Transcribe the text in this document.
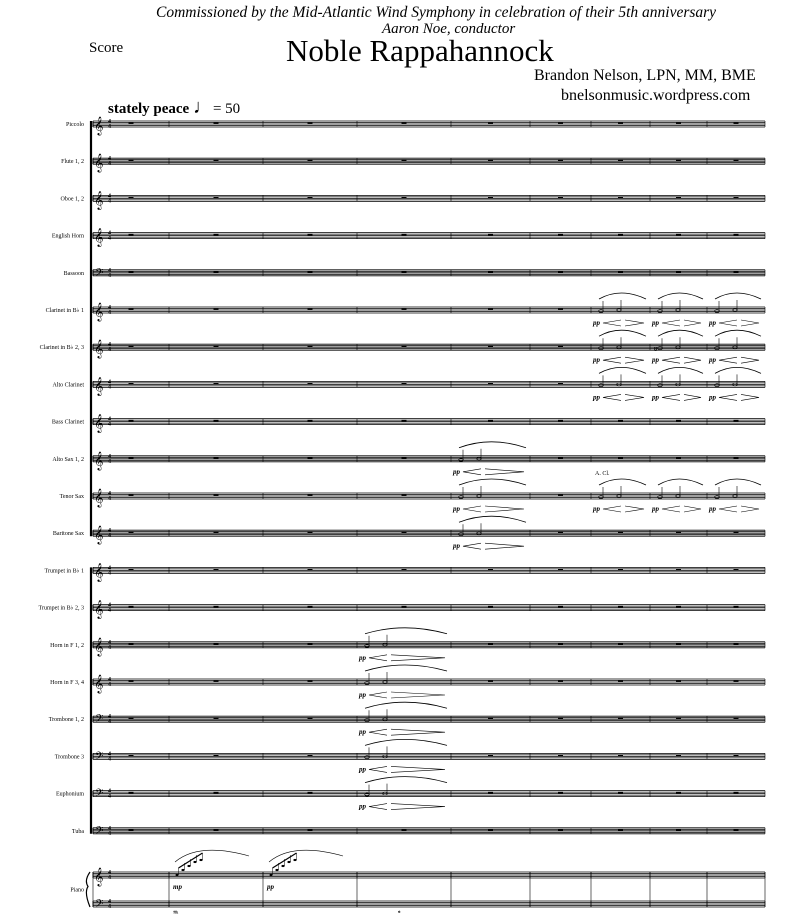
Commissioned by the Mid-Atlantic Wind Symphony in celebration of their 5th anniversary
Aaron Noe, conductor
Score	Noble Rappahannock
Brandon Nelson, LPN, MM, BME
bnelsonmusic.wordpress.com
stately peace ♩= 50
Piccolo 𝄞 4
4
Flute 1, 2 𝄞 4
4
Oboe 1, 2 𝄞 4
4
English Horn 𝄞 4
4
Bassoon 𝄢 4
4
Clarinet in B♭ 1 𝄞 4
4
pp	pp	pp
Clarinet in B♭ 2, 3 𝄞 4
4
pp	pp	pp
Alto Clarinet 𝄞 4
4
pp	pp	pp
Bass Clarinet 𝄞 4
4
Alto Sax 1, 2 𝄞 4
4
pp
Tenor Sax 𝄞 4
4
pp	pp	pp	pp
Baritone Sax 𝄞 4
4
pp
Trumpet in B♭ 1 𝄞 4
4
Trumpet in B♭ 2, 3 𝄞 4
4
Horn in F 1, 2 𝄞 4
4
pp
Horn in F 3, 4 𝄞 4
4
pp
Trombone 1, 2 𝄢 4
4
pp
Trombone 3 𝄢 4
4
pp
Euphonium 𝄢 4
4
pp
Tuba 𝄢 4
4
A. Cl.
8
𝄞 4
4
𝄢 4
4
Piano	mp	pp
𝆮	𝆯
